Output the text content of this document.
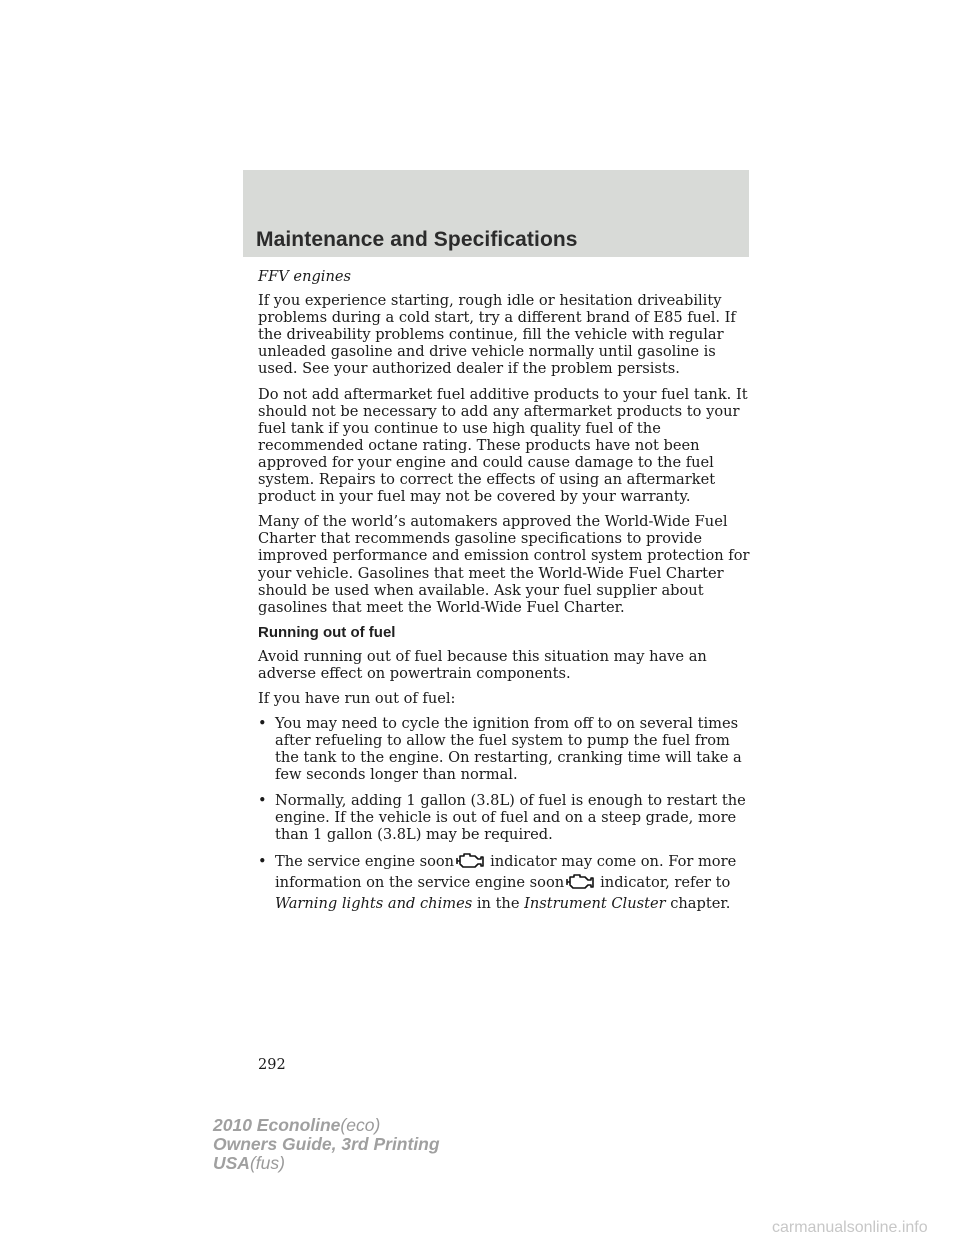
Maintenance and Specifications

FFV engines

If you experience starting, rough idle or hesitation driveability problems during a cold start, try a different brand of E85 fuel. If the driveability problems continue, fill the vehicle with regular unleaded gasoline and drive vehicle normally until gasoline is used. See your authorized dealer if the problem persists.

Do not add aftermarket fuel additive products to your fuel tank. It should not be necessary to add any aftermarket products to your fuel tank if you continue to use high quality fuel of the recommended octane rating. These products have not been approved for your engine and could cause damage to the fuel system. Repairs to correct the effects of using an aftermarket product in your fuel may not be covered by your warranty.

Many of the world’s automakers approved the World-Wide Fuel Charter that recommends gasoline specifications to provide improved performance and emission control system protection for your vehicle. Gasolines that meet the World-Wide Fuel Charter should be used when available. Ask your fuel supplier about gasolines that meet the World-Wide Fuel Charter.

Running out of fuel

Avoid running out of fuel because this situation may have an adverse effect on powertrain components.

If you have run out of fuel:

• You may need to cycle the ignition from off to on several times after refueling to allow the fuel system to pump the fuel from the tank to the engine. On restarting, cranking time will take a few seconds longer than normal.
• Normally, adding 1 gallon (3.8L) of fuel is enough to restart the engine. If the vehicle is out of fuel and on a steep grade, more than 1 gallon (3.8L) may be required.
• The service engine soon indicator may come on. For more information on the service engine soon indicator, refer to
Warning lights and chimes in the Instrument Cluster chapter.
292
2010 Econoline(eco)
Owners Guide, 3rd Printing
USA(fus)
carmanualsonline.info
